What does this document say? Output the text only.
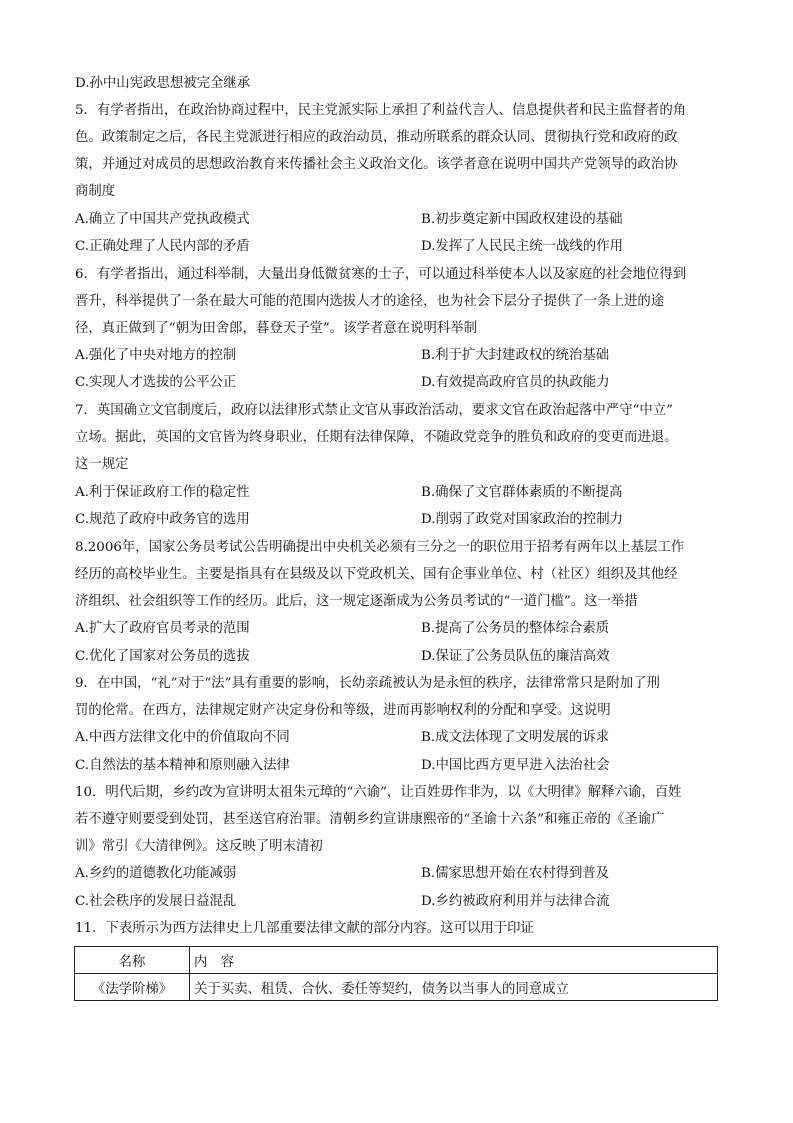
D.孙中山宪政思想被完全继承
5．有学者指出，在政治协商过程中，民主党派实际上承担了利益代言人、信息提供者和民主监督者的角
色。政策制定之后，各民主党派进行相应的政治动员，推动所联系的群众认同、贯彻执行党和政府的政
策，并通过对成员的思想政治教育来传播社会主义政治文化。该学者意在说明中国共产党领导的政治协
商制度
A.确立了中国共产党执政模式	B.初步奠定新中国政权建设的基础
C.正确处理了人民内部的矛盾	D.发挥了人民民主统一战线的作用
6．有学者指出，通过科举制，大量出身低微贫寒的士子，可以通过科举使本人以及家庭的社会地位得到
晋升，科举提供了一条在最大可能的范围内选拔人才的途径，也为社会下层分子提供了一条上进的途
径，真正做到了“朝为田舍郎，暮登天子堂”。该学者意在说明科举制
A.强化了中央对地方的控制	B.利于扩大封建政权的统治基础
C.实现人才选拔的公平公正	D.有效提高政府官员的执政能力
7．英国确立文官制度后，政府以法律形式禁止文官从事政治活动，要求文官在政治起落中严守“中立”
立场。据此，英国的文官皆为终身职业，任期有法律保障，不随政党竞争的胜负和政府的变更而进退。
这一规定
A.利于保证政府工作的稳定性	B.确保了文官群体素质的不断提高
C.规范了政府中政务官的选用	D.削弱了政党对国家政治的控制力
8.2006年，国家公务员考试公告明确提出中央机关必须有三分之一的职位用于招考有两年以上基层工作
经历的高校毕业生。主要是指具有在县级及以下党政机关、国有企事业单位、村（社区）组织及其他经
济组织、社会组织等工作的经历。此后，这一规定逐渐成为公务员考试的“一道门槛”。这一举措
A.扩大了政府官员考录的范围	B.提高了公务员的整体综合素质
C.优化了国家对公务员的选拔	D.保证了公务员队伍的廉洁高效
9．在中国，“礼”对于“法”具有重要的影响，长幼亲疏被认为是永恒的秩序，法律常常只是附加了刑
罚的伦常。在西方，法律规定财产决定身份和等级，进而再影响权利的分配和享受。这说明
A.中西方法律文化中的价值取向不同	B.成文法体现了文明发展的诉求
C.自然法的基本精神和原则融入法律	D.中国比西方更早进入法治社会
10．明代后期，乡约改为宣讲明太祖朱元璋的“六谕”，让百姓毋作非为，以《大明律》解释六谕，百姓
若不遵守则要受到处罚，甚至送官府治罪。清朝乡约宣讲康熙帝的“圣谕十六条”和雍正帝的《圣谕广
训》常引《大清律例》。这反映了明末清初
A.乡约的道德教化功能减弱	B.儒家思想开始在农村得到普及
C.社会秩序的发展日益混乱	D.乡约被政府利用并与法律合流
11．下表所示为西方法律史上几部重要法律文献的部分内容。这可以用于印证
名称	内　容
《法学阶梯》	关于买卖、租赁、合伙、委任等契约，债务以当事人的同意成立
